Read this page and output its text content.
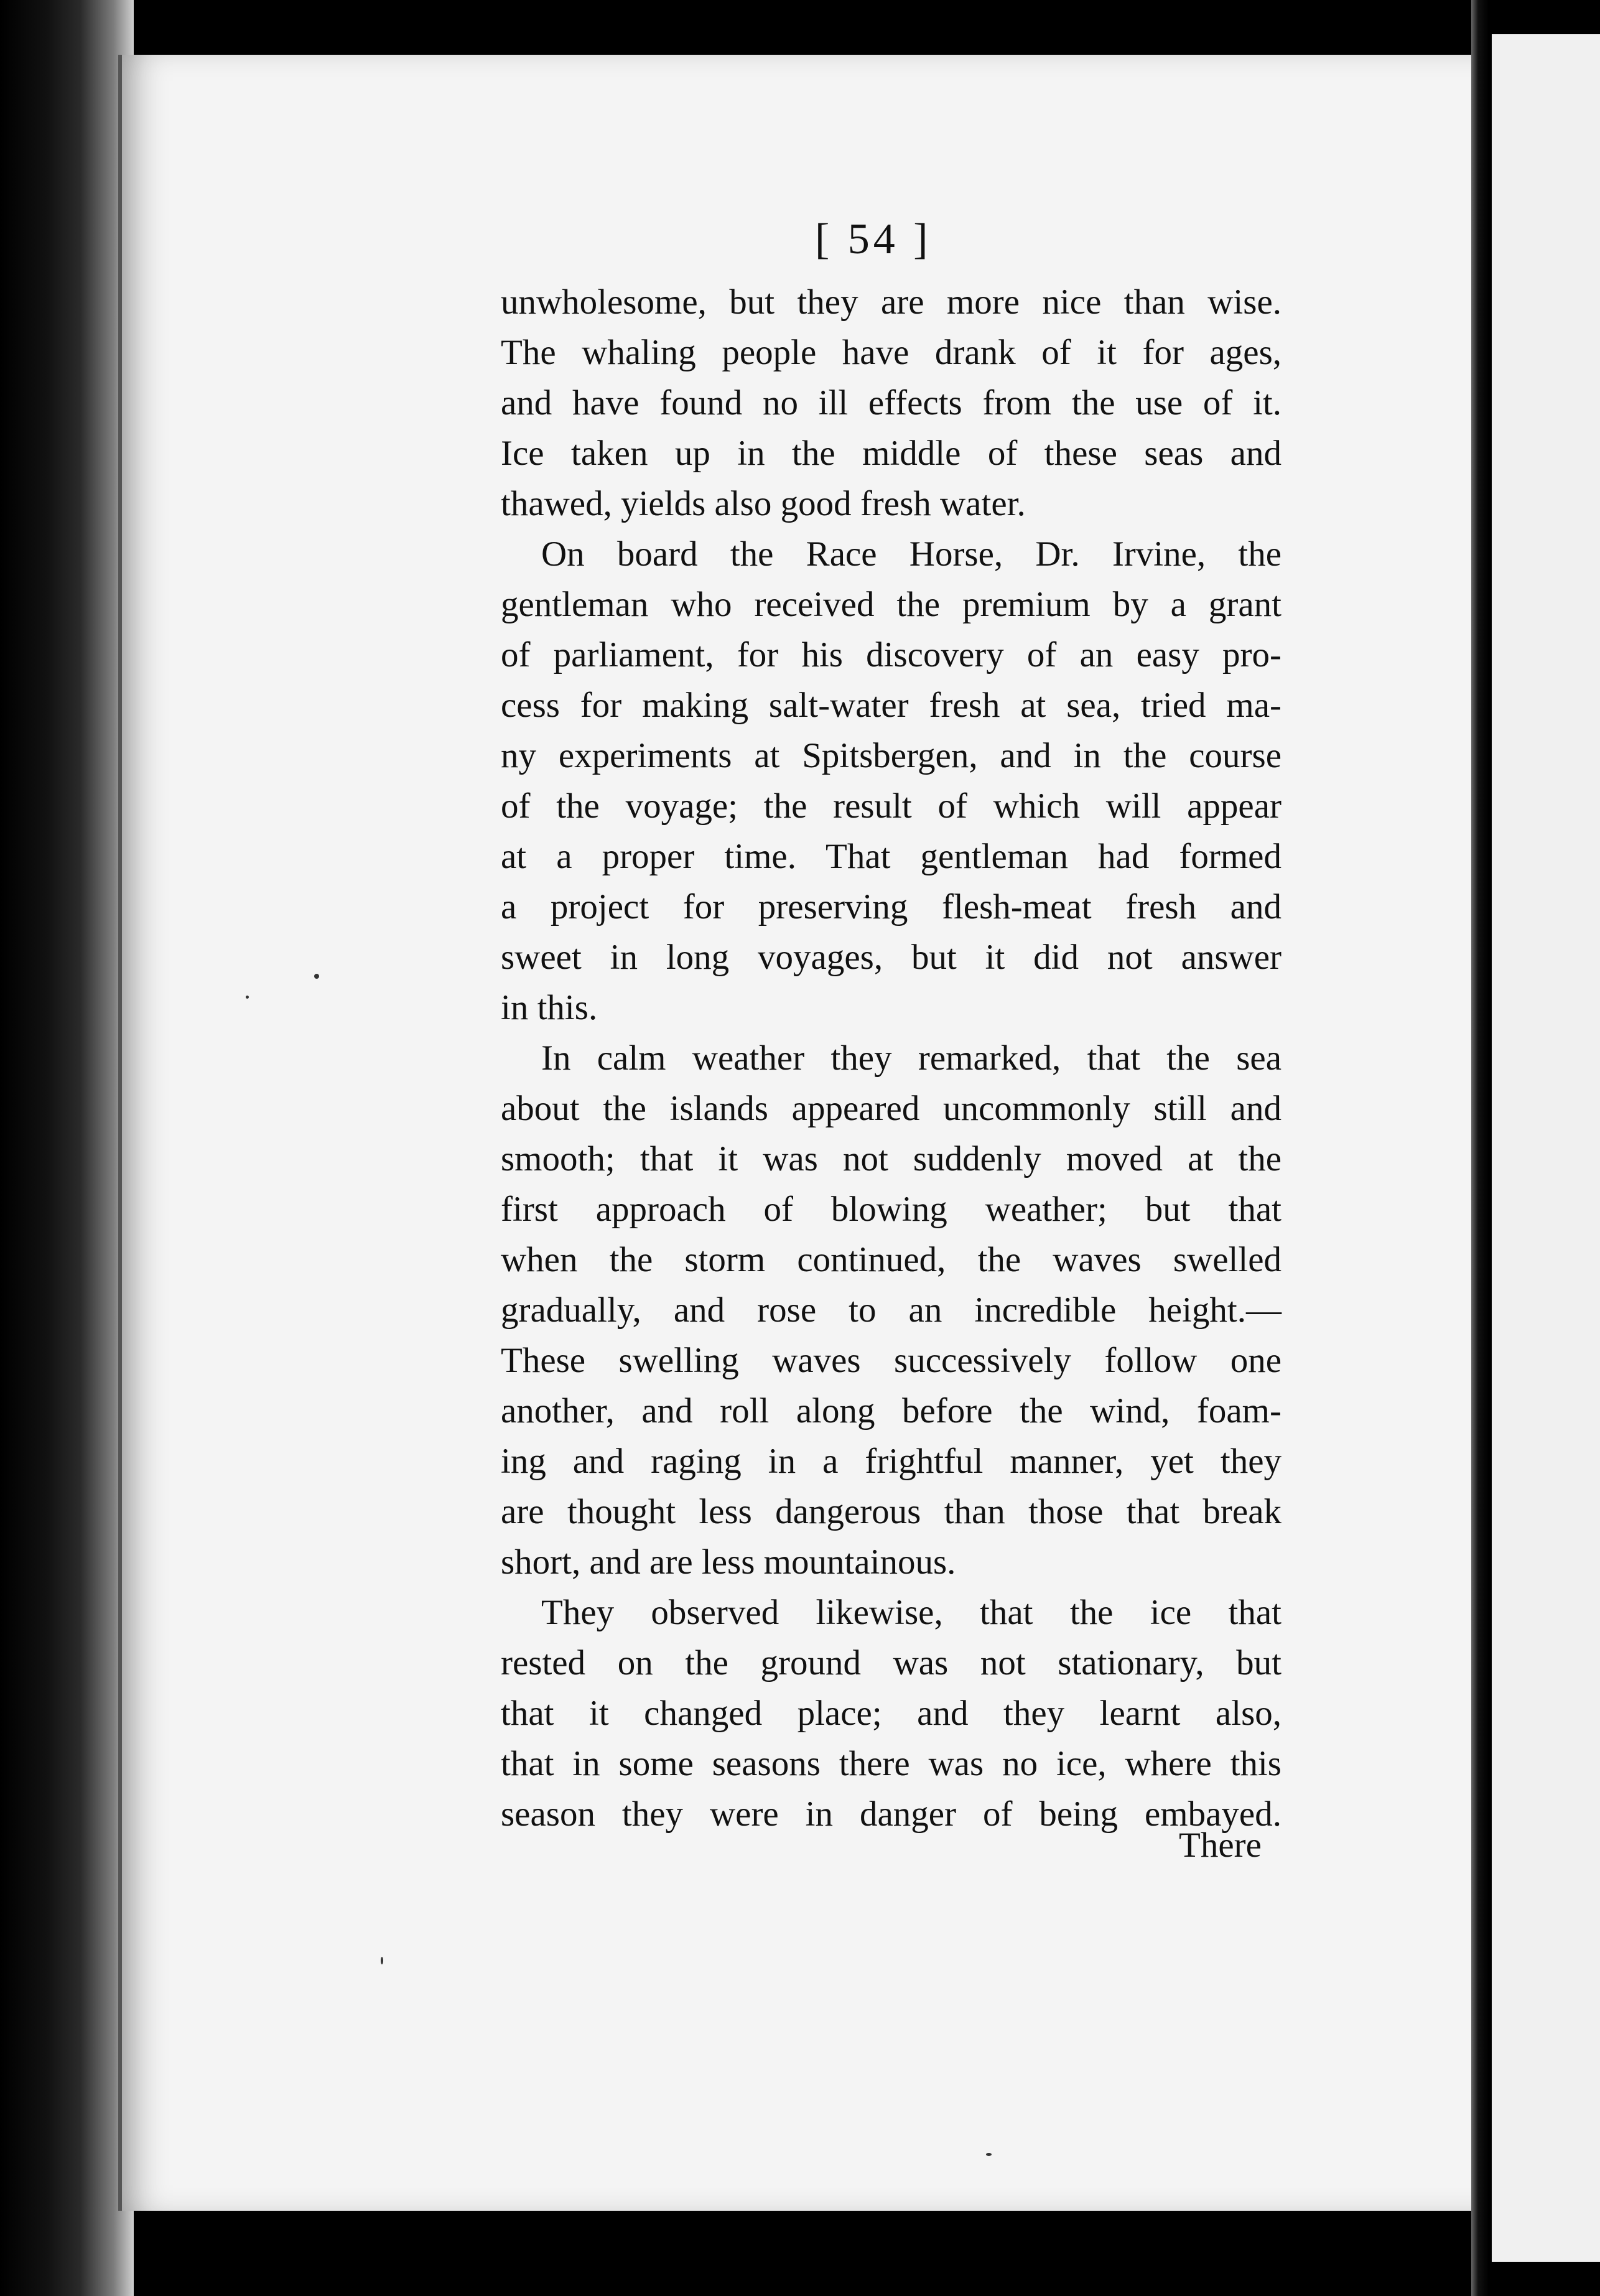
[ 54 ]
unwholesome, but they are more nice than wise.
The whaling people have drank of it for ages,
and have found no ill effects from the use of it.
Ice taken up in the middle of these seas and
thawed, yields also good fresh water.
On board the Race Horse, Dr. Irvine, the
gentleman who received the premium by a grant
of parliament, for his discovery of an easy pro-
cess for making salt-water fresh at sea, tried ma-
ny experiments at Spitsbergen, and in the course
of the voyage; the result of which will appear
at a proper time. That gentleman had formed
a project for preserving flesh-meat fresh and
sweet in long voyages, but it did not answer
in this.
In calm weather they remarked, that the sea
about the islands appeared uncommonly still and
smooth; that it was not suddenly moved at the
first approach of blowing weather; but that
when the storm continued, the waves swelled
gradually, and rose to an incredible height.—
These swelling waves successively follow one
another, and roll along before the wind, foam-
ing and raging in a frightful manner, yet they
are thought less dangerous than those that break
short, and are less mountainous.
They observed likewise, that the ice that
rested on the ground was not stationary, but
that it changed place; and they learnt also,
that in some seasons there was no ice, where this
season they were in danger of being embayed.
There
